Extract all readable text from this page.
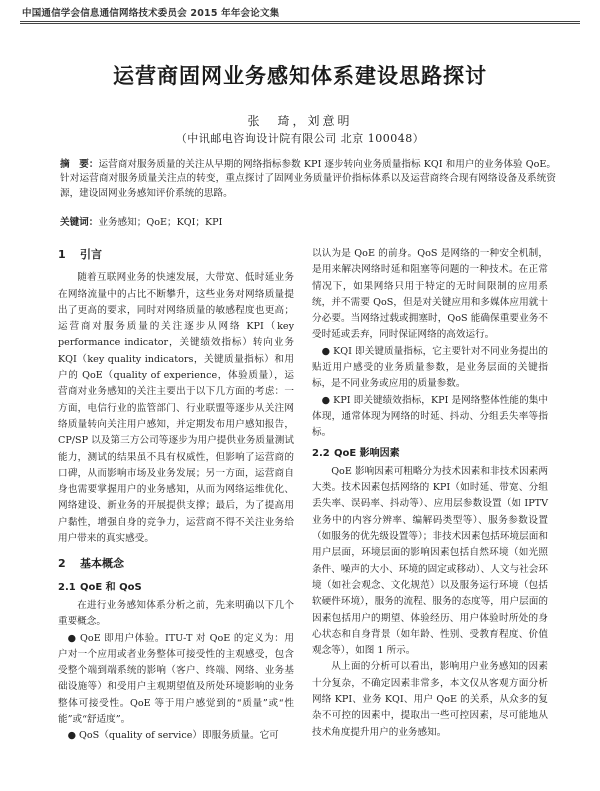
中国通信学会信息通信网络技术委员会 2015 年年会论文集
运营商固网业务感知体系建设思路探讨
张　琦，刘意明
（中讯邮电咨询设计院有限公司 北京 100048）
摘　要：运营商对服务质量的关注从早期的网络指标参数 KPI 逐步转向业务质量指标 KQI 和用户的业务体验 QoE。针对运营商对服务质量关注点的转变，重点探讨了固网业务质量评价指标体系以及运营商终合现有网络设备及系统资源，建设固网业务感知评价系统的思路。
关键词：业务感知；QoE；KQI；KPI
1 引言

随着互联网业务的快速发展，大带宽、低时延业务在网络流量中的占比不断攀升，这些业务对网络质量提出了更高的要求，同时对网络质量的敏感程度也更高；运营商对服务质量的关注逐步从网络 KPI（key performance indicator，关键绩效指标）转向业务 KQI（key quality indicators，关键质量指标）和用户的 QoE（quality of experience，体验质量），运营商对业务感知的关注主要出于以下几方面的考虑：一方面，电信行业的监管部门、行业联盟等逐步从关注网络质量转向关注用户感知，并定期发布用户感知报告，CP/SP 以及第三方公司等逐步为用户提供业务质量测试能力，测试的结果虽不具有权威性，但影响了运营商的口碑，从而影响市场及业务发展；另一方面，运营商自身也需要掌握用户的业务感知，从而为网络运维优化、网络建设、新业务的开展提供支撑；最后，为了提高用户黏性，增强自身的竞争力，运营商不得不关注业务给用户带来的真实感受。

2 基本概念
2.1 QoE 和 QoS

在进行业务感知体系分析之前，先来明确以下几个重要概念。

● QoE 即用户体验。ITU-T 对 QoE 的定义为：用户对一个应用或者业务整体可接受性的主观感受，包含受整个端到端系统的影响（客户、终端、网络、业务基础设施等）和受用户主观期望值及所处环境影响的业务整体可接受性。QoE 等于用户感觉到的“质量”或“性能”或“舒适度”。

● QoS（quality of service）即服务质量。它可

以认为是 QoE 的前身。QoS 是网络的一种安全机制，是用来解决网络时延和阻塞等问题的一种技术。在正常情况下，如果网络只用于特定的无时间限制的应用系统，并不需要 QoS，但是对关键应用和多媒体应用就十分必要。当网络过载或拥塞时，QoS 能确保重要业务不受时延或丢弃，同时保证网络的高效运行。

● KQI 即关键质量指标，它主要针对不同业务提出的贴近用户感受的业务质量参数，是业务层面的关键指标，是不同业务或应用的质量参数。

● KPI 即关键绩效指标，KPI 是网络整体性能的集中体现，通常体现为网络的时延、抖动、分组丢失率等指标。

2.2 QoE 影响因素

QoE 影响因素可粗略分为技术因素和非技术因素两大类。技术因素包括网络的 KPI（如时延、带宽、分组丢失率、误码率、抖动等）、应用层参数设置（如 IPTV 业务中的内容分辨率、编解码类型等）、服务参数设置（如服务的优先级设置等）；非技术因素包括环境层面和用户层面，环境层面的影响因素包括自然环境（如光照条件、噪声的大小、环境的固定或移动）、人文与社会环境（如社会观念、文化规范）以及服务运行环境（包括软硬件环境），服务的流程、服务的态度等，用户层面的因素包括用户的期望、体验经历、用户体验时所处的身心状态和自身背景（如年龄、性别、受教育程度、价值观念等），如图 1 所示。

从上面的分析可以看出，影响用户业务感知的因素十分复杂，不确定因素非常多，本文仅从客观方面分析网络 KPI、业务 KQI、用户 QoE 的关系，从众多的复杂不可控的因素中，提取出一些可控因素，尽可能地从技术角度提升用户的业务感知。
